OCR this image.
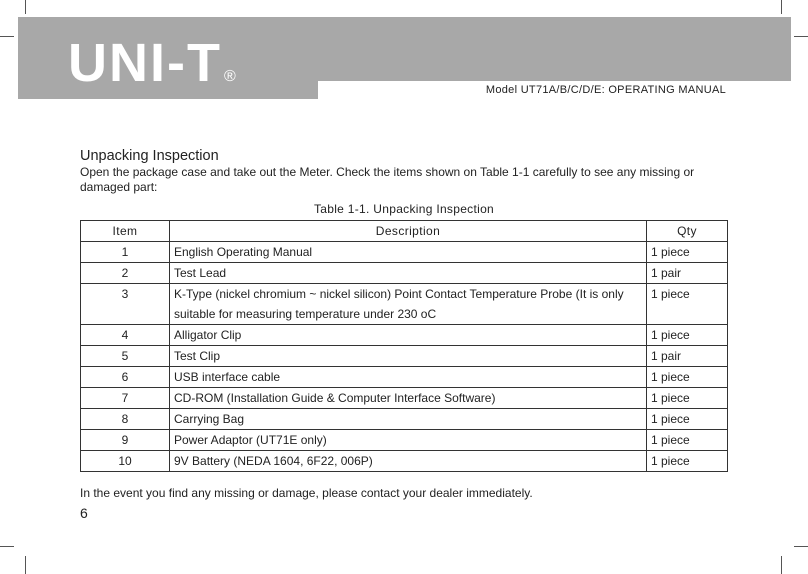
UNI-T ®
Model UT71A/B/C/D/E: OPERATING MANUAL
Unpacking Inspection
Open the package case and take out the Meter. Check the items shown on Table 1-1 carefully to see any missing or damaged part:
Table 1-1. Unpacking Inspection
Item	Description	Qty
1	English Operating Manual	1 piece
2	Test Lead	1 pair
3	K-Type (nickel chromium ~ nickel silicon) Point Contact Temperature Probe (It is only suitable for measuring temperature under 230 oC	1 piece
4	Alligator Clip	1 piece
5	Test Clip	1 pair
6	USB interface cable	1 piece
7	CD-ROM (Installation Guide & Computer Interface Software)	1 piece
8	Carrying Bag	1 piece
9	Power Adaptor (UT71E only)	1 piece
10	9V Battery (NEDA 1604, 6F22, 006P)	1 piece
In the event you find any missing or damage, please contact your dealer immediately.
6
